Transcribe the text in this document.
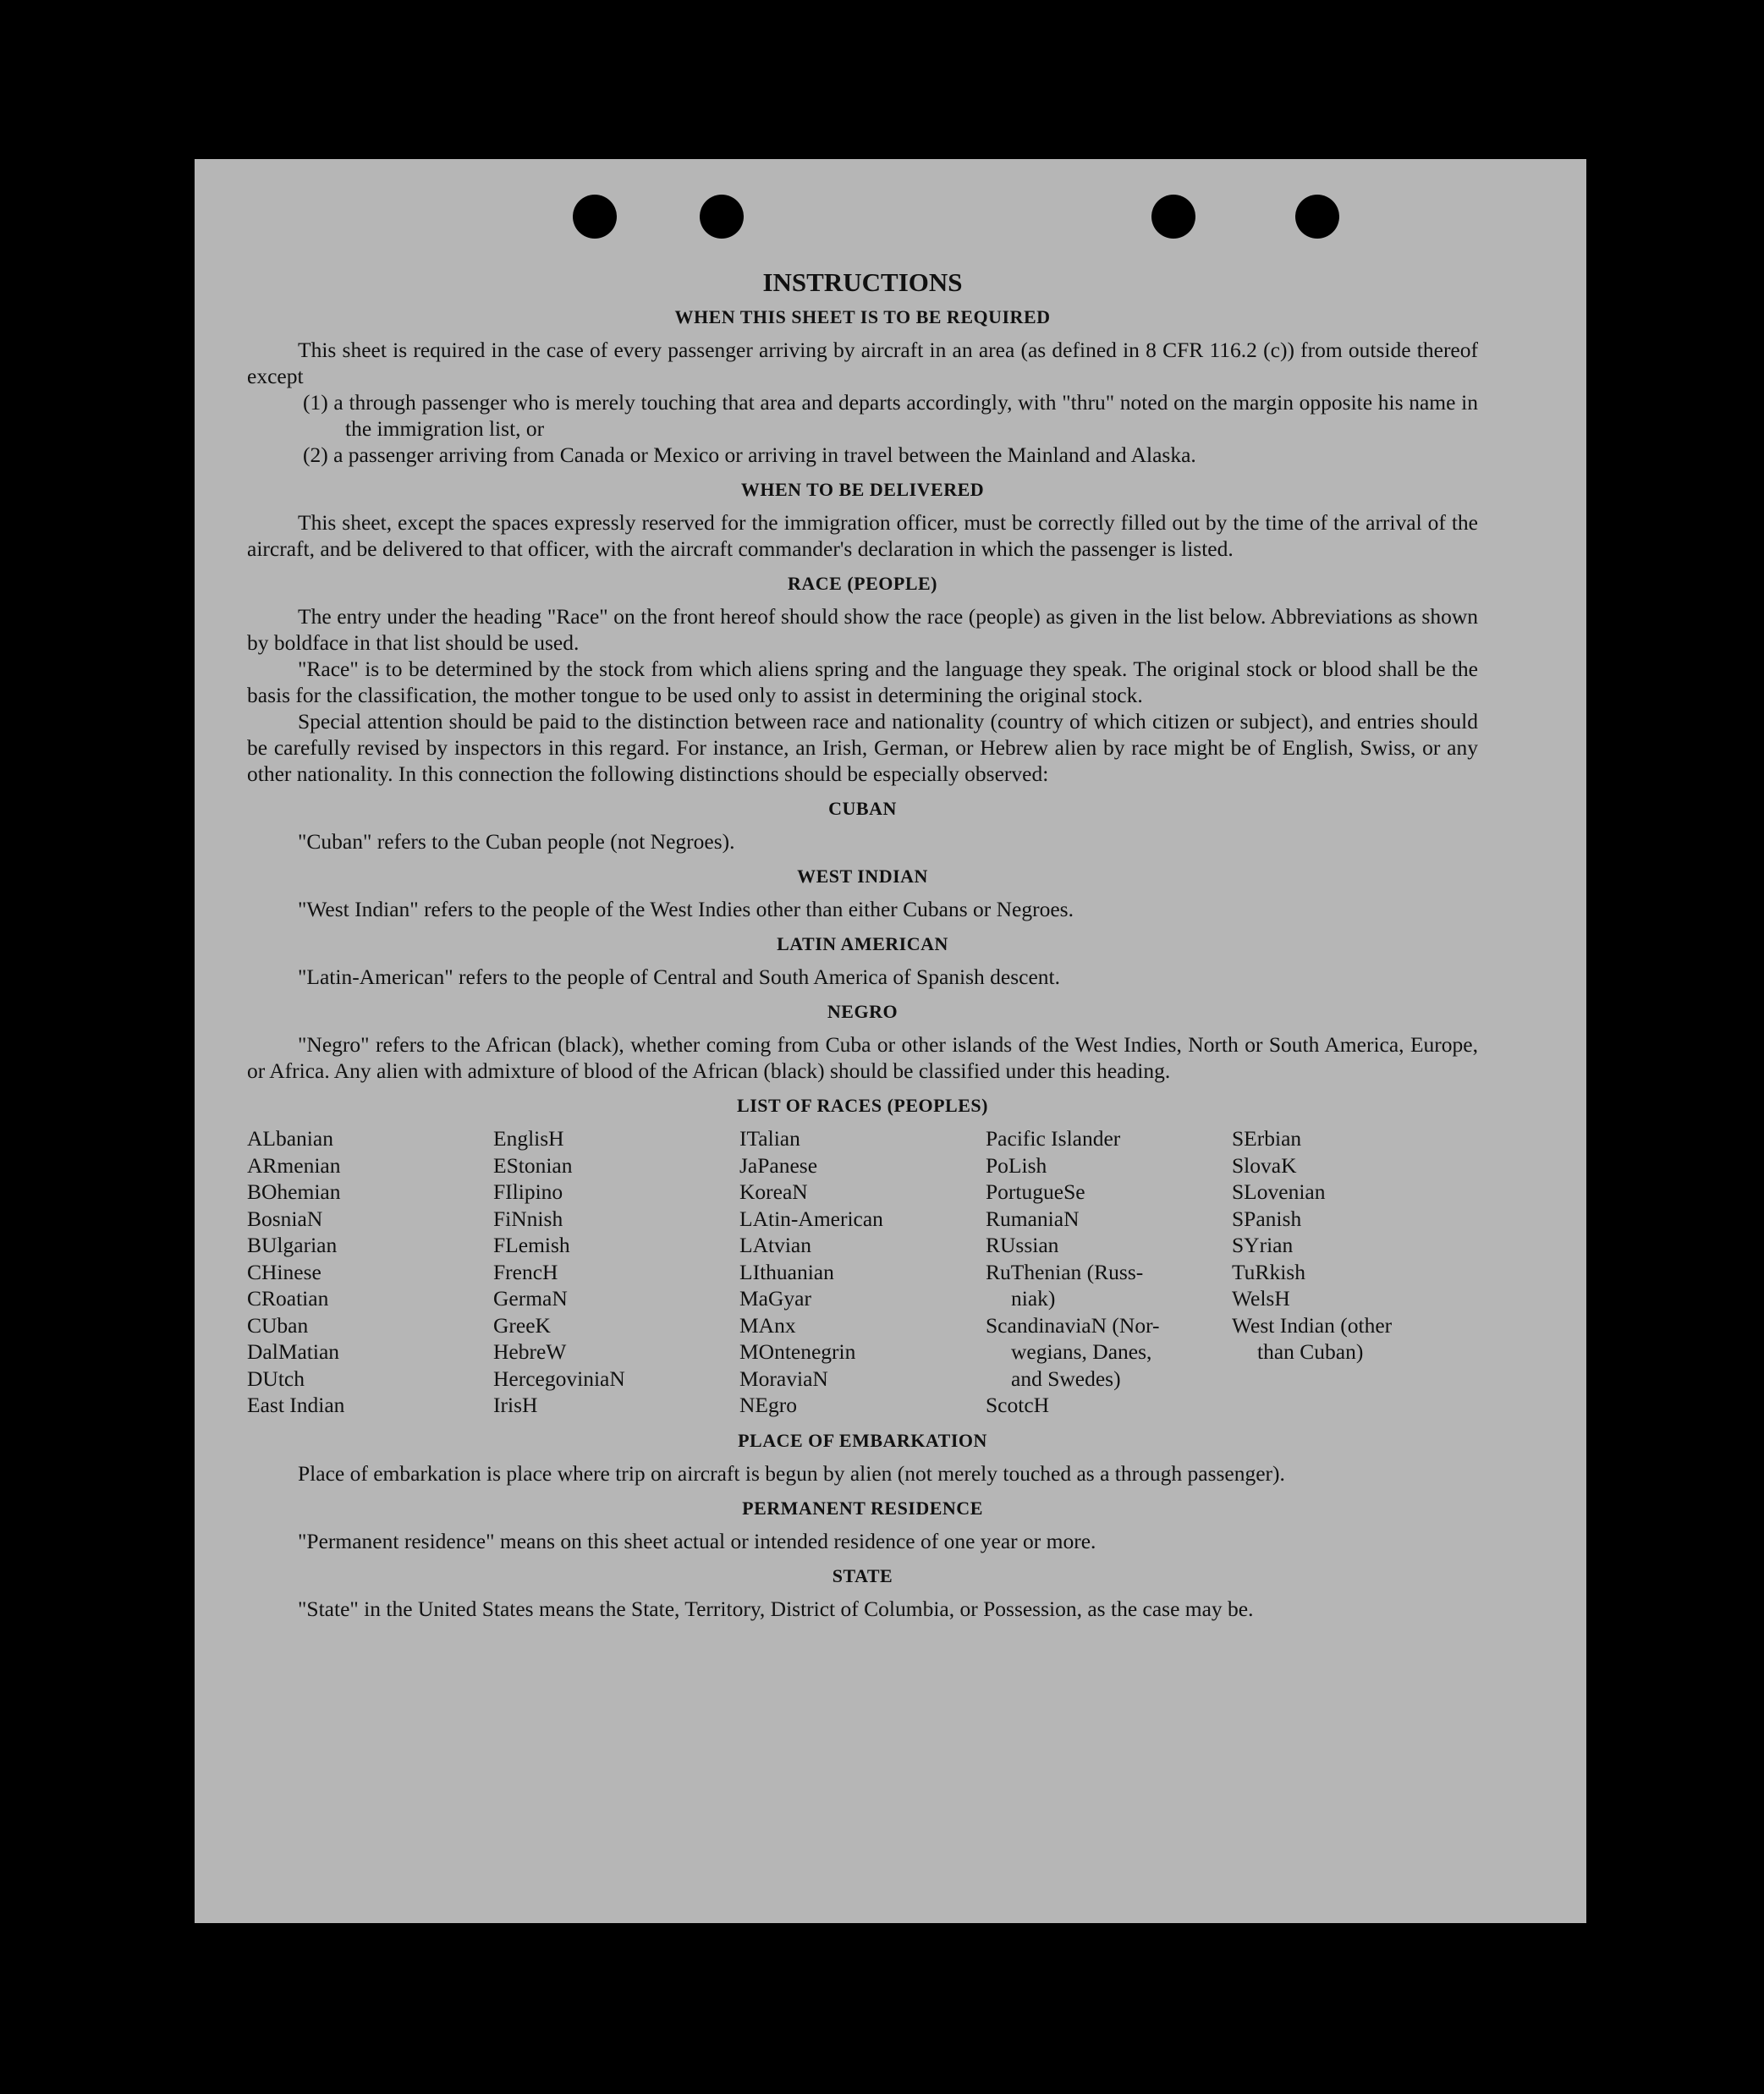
INSTRUCTIONS
WHEN THIS SHEET IS TO BE REQUIRED

This sheet is required in the case of every passenger arriving by aircraft in an area (as defined in 8 CFR 116.2 (c)) from outside thereof except

(1) a through passenger who is merely touching that area and departs accordingly, with "thru" noted on the margin opposite his name in the immigration list, or
(2) a passenger arriving from Canada or Mexico or arriving in travel between the Mainland and Alaska.
WHEN TO BE DELIVERED

This sheet, except the spaces expressly reserved for the immigration officer, must be correctly filled out by the time of the arrival of the aircraft, and be delivered to that officer, with the aircraft commander's declaration in which the passenger is listed.

RACE (PEOPLE)

The entry under the heading "Race" on the front hereof should show the race (people) as given in the list below. Abbreviations as shown by boldface in that list should be used.

"Race" is to be determined by the stock from which aliens spring and the language they speak. The original stock or blood shall be the basis for the classification, the mother tongue to be used only to assist in determining the original stock.

Special attention should be paid to the distinction between race and nationality (country of which citizen or subject), and entries should be carefully revised by inspectors in this regard. For instance, an Irish, German, or Hebrew alien by race might be of English, Swiss, or any other nationality. In this connection the following distinctions should be especially observed:

CUBAN

"Cuban" refers to the Cuban people (not Negroes).

WEST INDIAN

"West Indian" refers to the people of the West Indies other than either Cubans or Negroes.

LATIN AMERICAN

"Latin-American" refers to the people of Central and South America of Spanish descent.

NEGRO

"Negro" refers to the African (black), whether coming from Cuba or other islands of the West Indies, North or South America, Europe, or Africa. Any alien with admixture of blood of the African (black) should be classified under this heading.

LIST OF RACES (PEOPLES)
ALbanian
ARmenian
BOhemian
BosniaN
BUlgarian
CHinese
CRoatian
CUban
DalMatian
DUtch
East Indian
EnglisH
EStonian
FIlipino
FiNnish
FLemish
FrencH
GermaN
GreeK
HebreW
HercegoviniaN
IrisH
ITalian
JaPanese
KoreaN
LAtin-American
LAtvian
LIthuanian
MaGyar
MAnx
MOntenegrin
MoraviaN
NEgro
Pacific Islander
PoLish
PortugueSe
RumaniaN
RUssian
RuThenian (Russ-
niak)
ScandinaviaN (Nor-
wegians, Danes,
and Swedes)
ScotcH
SErbian
SlovaK
SLovenian
SPanish
SYrian
TuRkish
WelsH
West Indian (other
than Cuban)
PLACE OF EMBARKATION

Place of embarkation is place where trip on aircraft is begun by alien (not merely touched as a through passenger).

PERMANENT RESIDENCE

"Permanent residence" means on this sheet actual or intended residence of one year or more.

STATE

"State" in the United States means the State, Territory, District of Columbia, or Possession, as the case may be.
